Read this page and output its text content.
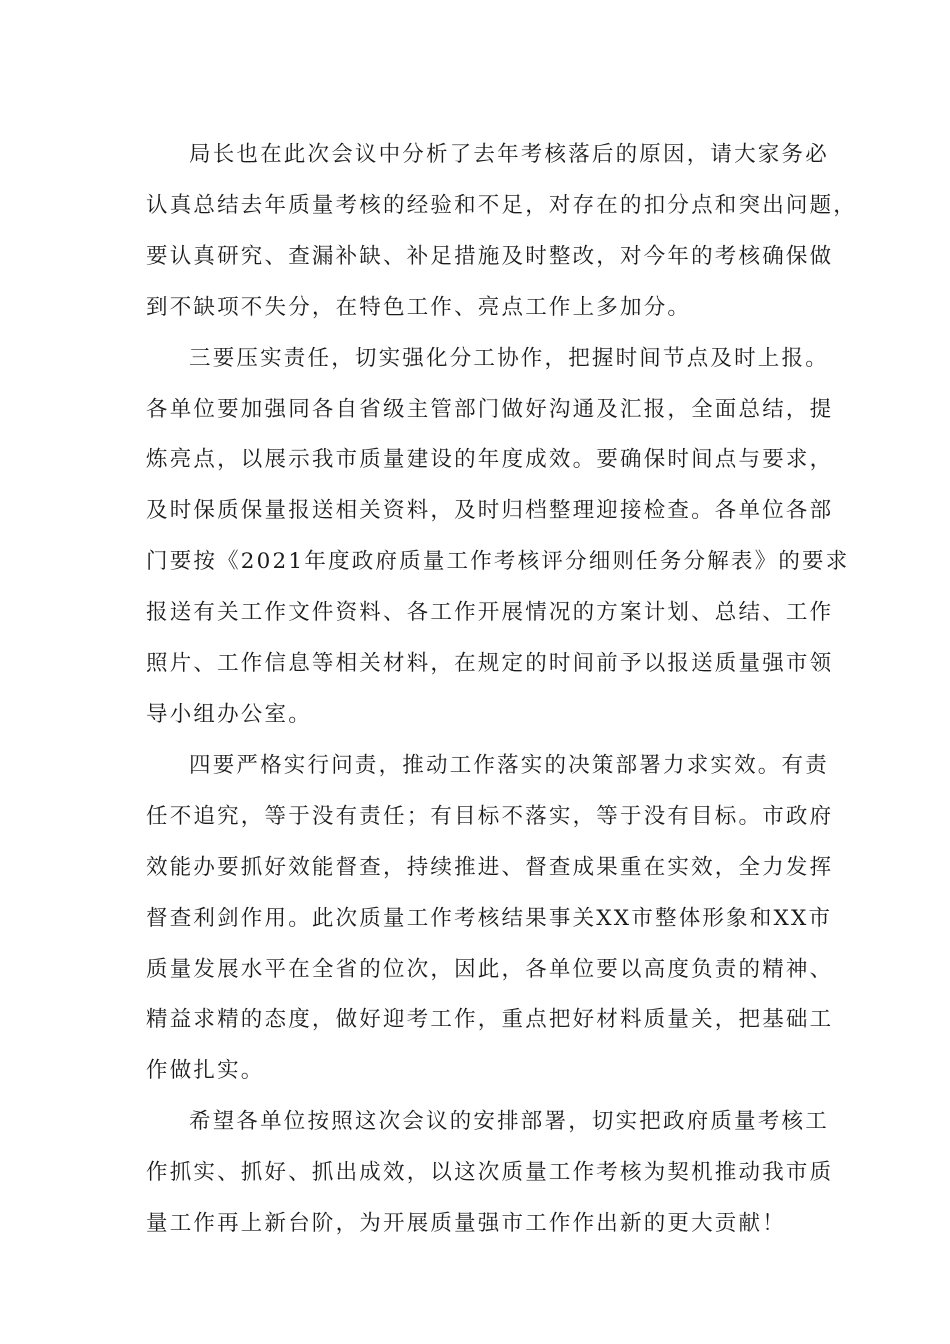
局长也在此次会议中分析了去年考核落后的原因，请大家务必
认真总结去年质量考核的经验和不足，对存在的扣分点和突出问题，
要认真研究、查漏补缺、补足措施及时整改，对今年的考核确保做
到不缺项不失分，在特色工作、亮点工作上多加分。
三要压实责任，切实强化分工协作，把握时间节点及时上报。
各单位要加强同各自省级主管部门做好沟通及汇报，全面总结，提
炼亮点，以展示我市质量建设的年度成效。要确保时间点与要求，
及时保质保量报送相关资料，及时归档整理迎接检查。各单位各部
门要按《2021年度政府质量工作考核评分细则任务分解表》的要求
报送有关工作文件资料、各工作开展情况的方案计划、总结、工作
照片、工作信息等相关材料，在规定的时间前予以报送质量强市领
导小组办公室。
四要严格实行问责，推动工作落实的决策部署力求实效。有责
任不追究，等于没有责任；有目标不落实，等于没有目标。市政府
效能办要抓好效能督查，持续推进、督查成果重在实效，全力发挥
督查利剑作用。此次质量工作考核结果事关XX市整体形象和XX市
质量发展水平在全省的位次，因此，各单位要以高度负责的精神、
精益求精的态度，做好迎考工作，重点把好材料质量关，把基础工
作做扎实。
希望各单位按照这次会议的安排部署，切实把政府质量考核工
作抓实、抓好、抓出成效，以这次质量工作考核为契机推动我市质
量工作再上新台阶，为开展质量强市工作作出新的更大贡献！
